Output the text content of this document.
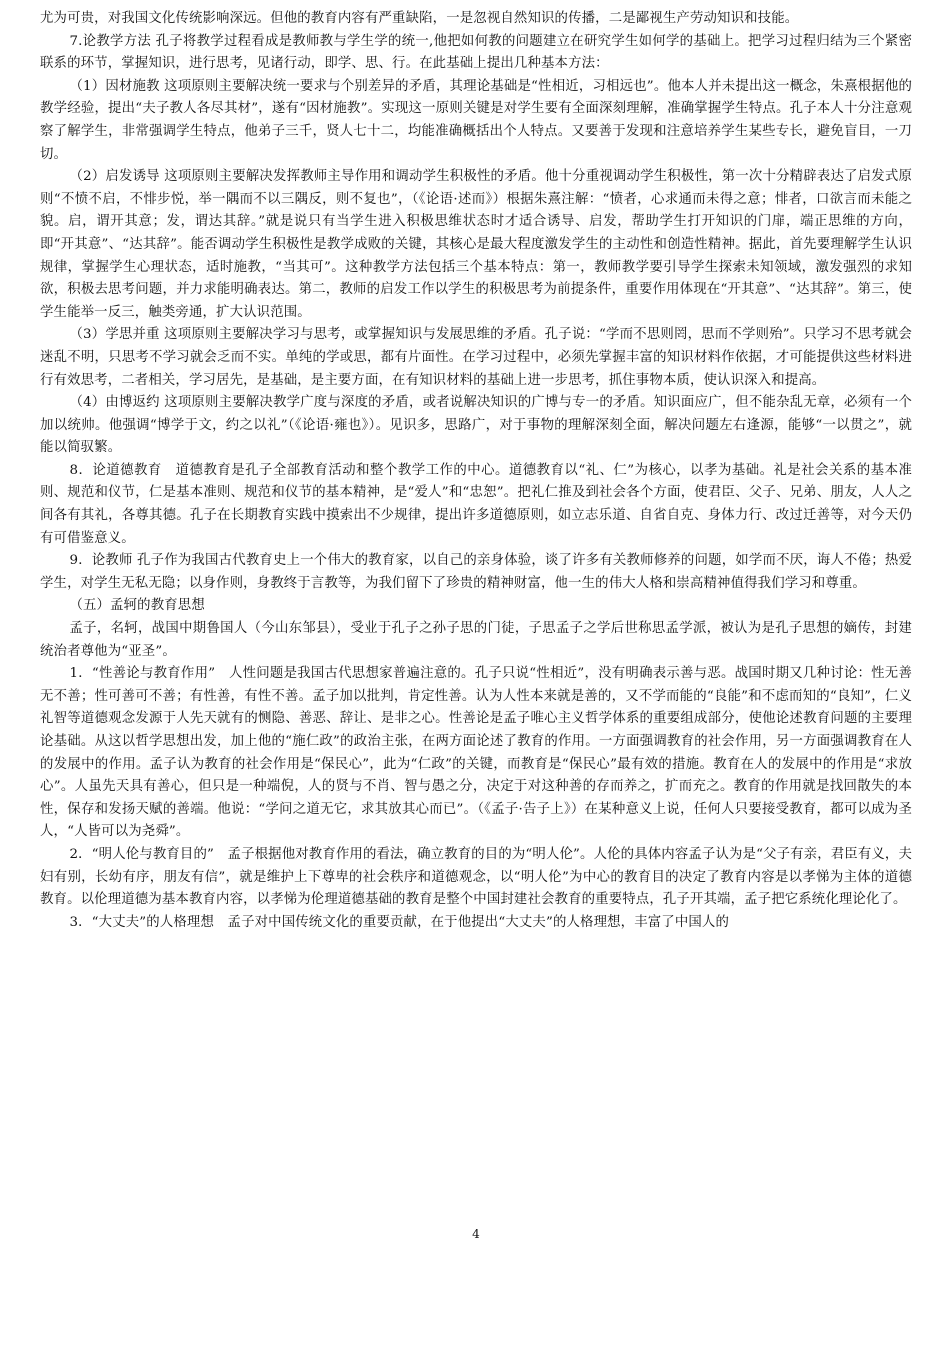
尤为可贵，对我国文化传统影响深远。但他的教育内容有严重缺陷，一是忽视自然知识的传播，二是鄙视生产劳动知识和技能。

7.论教学方法 孔子将教学过程看成是教师教与学生学的统一,他把如何教的问题建立在研究学生如何学的基础上。把学习过程归结为三个紧密联系的环节，掌握知识，进行思考，见诸行动，即学、思、行。在此基础上提出几种基本方法：

（1）因材施教 这项原则主要解决统一要求与个别差异的矛盾，其理论基础是“性相近，习相远也”。他本人并未提出这一概念，朱熹根据他的教学经验，提出“夫子教人各尽其材”，遂有“因材施教”。实现这一原则关键是对学生要有全面深刻理解，准确掌握学生特点。孔子本人十分注意观察了解学生，非常强调学生特点，他弟子三千，贤人七十二，均能准确概括出个人特点。又要善于发现和注意培养学生某些专长，避免盲目，一刀切。

（2）启发诱导 这项原则主要解决发挥教师主导作用和调动学生积极性的矛盾。他十分重视调动学生积极性，第一次十分精辟表达了启发式原则“不愤不启，不悱步悦，举一隅而不以三隅反，则不复也”，（《论语·述而》）根据朱熹注解：“愤者，心求通而未得之意；悱者，口欲言而未能之貌。启，谓开其意；发，谓达其辞。”就是说只有当学生进入积极思维状态时才适合诱导、启发，帮助学生打开知识的门扉，端正思维的方向，即“开其意”、“达其辞”。能否调动学生积极性是教学成败的关键，其核心是最大程度激发学生的主动性和创造性精神。据此，首先要理解学生认识规律，掌握学生心理状态，适时施教，“当其可”。这种教学方法包括三个基本特点：第一，教师教学要引导学生探索未知领域，激发强烈的求知欲，积极去思考问题，并力求能明确表达。第二，教师的启发工作以学生的积极思考为前提条件，重要作用体现在“开其意”、“达其辞”。第三，使学生能举一反三，触类旁通，扩大认识范围。

（3）学思并重 这项原则主要解决学习与思考，或掌握知识与发展思维的矛盾。孔子说：“学而不思则罔，思而不学则殆”。只学习不思考就会迷乱不明，只思考不学习就会乏而不实。单纯的学或思，都有片面性。在学习过程中，必须先掌握丰富的知识材料作依据，才可能提供这些材料进行有效思考，二者相关，学习居先，是基础，是主要方面，在有知识材料的基础上进一步思考，抓住事物本质，使认识深入和提高。

（4）由博返约 这项原则主要解决教学广度与深度的矛盾，或者说解决知识的广博与专一的矛盾。知识面应广，但不能杂乱无章，必须有一个加以统帅。他强调“博学于文，约之以礼”（《论语·雍也》）。见识多，思路广，对于事物的理解深刻全面，解决问题左右逢源，能够“一以贯之”，就能以简驭繁。

8．论道德教育　道德教育是孔子全部教育活动和整个教学工作的中心。道德教育以“礼、仁”为核心，以孝为基础。礼是社会关系的基本准则、规范和仪节，仁是基本准则、规范和仪节的基本精神，是“爱人”和“忠恕”。把礼仁推及到社会各个方面，使君臣、父子、兄弟、朋友，人人之间各有其礼，各尊其德。孔子在长期教育实践中摸索出不少规律，提出许多道德原则，如立志乐道、自省自克、身体力行、改过迁善等，对今天仍有可借鉴意义。

9．论教师 孔子作为我国古代教育史上一个伟大的教育家，以自己的亲身体验，谈了许多有关教师修养的问题，如学而不厌，诲人不倦；热爱学生，对学生无私无隐；以身作则，身教终于言教等，为我们留下了珍贵的精神财富，他一生的伟大人格和崇高精神值得我们学习和尊重。

（五）孟轲的教育思想

孟子，名轲，战国中期鲁国人（今山东邹县），受业于孔子之孙子思的门徒，子思孟子之学后世称思孟学派，被认为是孔子思想的嫡传，封建统治者尊他为“亚圣”。

1．“性善论与教育作用”　人性问题是我国古代思想家普遍注意的。孔子只说“性相近”，没有明确表示善与恶。战国时期又几种讨论：性无善无不善；性可善可不善；有性善，有性不善。孟子加以批判，肯定性善。认为人性本来就是善的，又不学而能的“良能”和不虑而知的“良知”，仁义礼智等道德观念发源于人先天就有的恻隐、善恶、辞让、是非之心。性善论是孟子唯心主义哲学体系的重要组成部分，使他论述教育问题的主要理论基础。从这以哲学思想出发，加上他的“施仁政”的政治主张，在两方面论述了教育的作用。一方面强调教育的社会作用，另一方面强调教育在人的发展中的作用。孟子认为教育的社会作用是“保民心”，此为“仁政”的关键，而教育是“保民心”最有效的措施。教育在人的发展中的作用是“求放心”。人虽先天具有善心，但只是一种端倪，人的贤与不肖、智与愚之分，决定于对这种善的存而养之，扩而充之。教育的作用就是找回散失的本性，保存和发扬天赋的善端。他说：“学问之道无它，求其放其心而已”。（《孟子·告子上》）在某种意义上说，任何人只要接受教育，都可以成为圣人，“人皆可以为尧舜”。

2．“明人伦与教育目的”　孟子根据他对教育作用的看法，确立教育的目的为“明人伦”。人伦的具体内容孟子认为是“父子有亲，君臣有义，夫妇有别，长幼有序，朋友有信”，就是维护上下尊卑的社会秩序和道德观念，以“明人伦”为中心的教育目的决定了教育内容是以孝悌为主体的道德教育。以伦理道德为基本教育内容，以孝悌为伦理道德基础的教育是整个中国封建社会教育的重要特点，孔子开其端，孟子把它系统化理论化了。

3．“大丈夫”的人格理想　孟子对中国传统文化的重要贡献，在于他提出“大丈夫”的人格理想，丰富了中国人的

4
